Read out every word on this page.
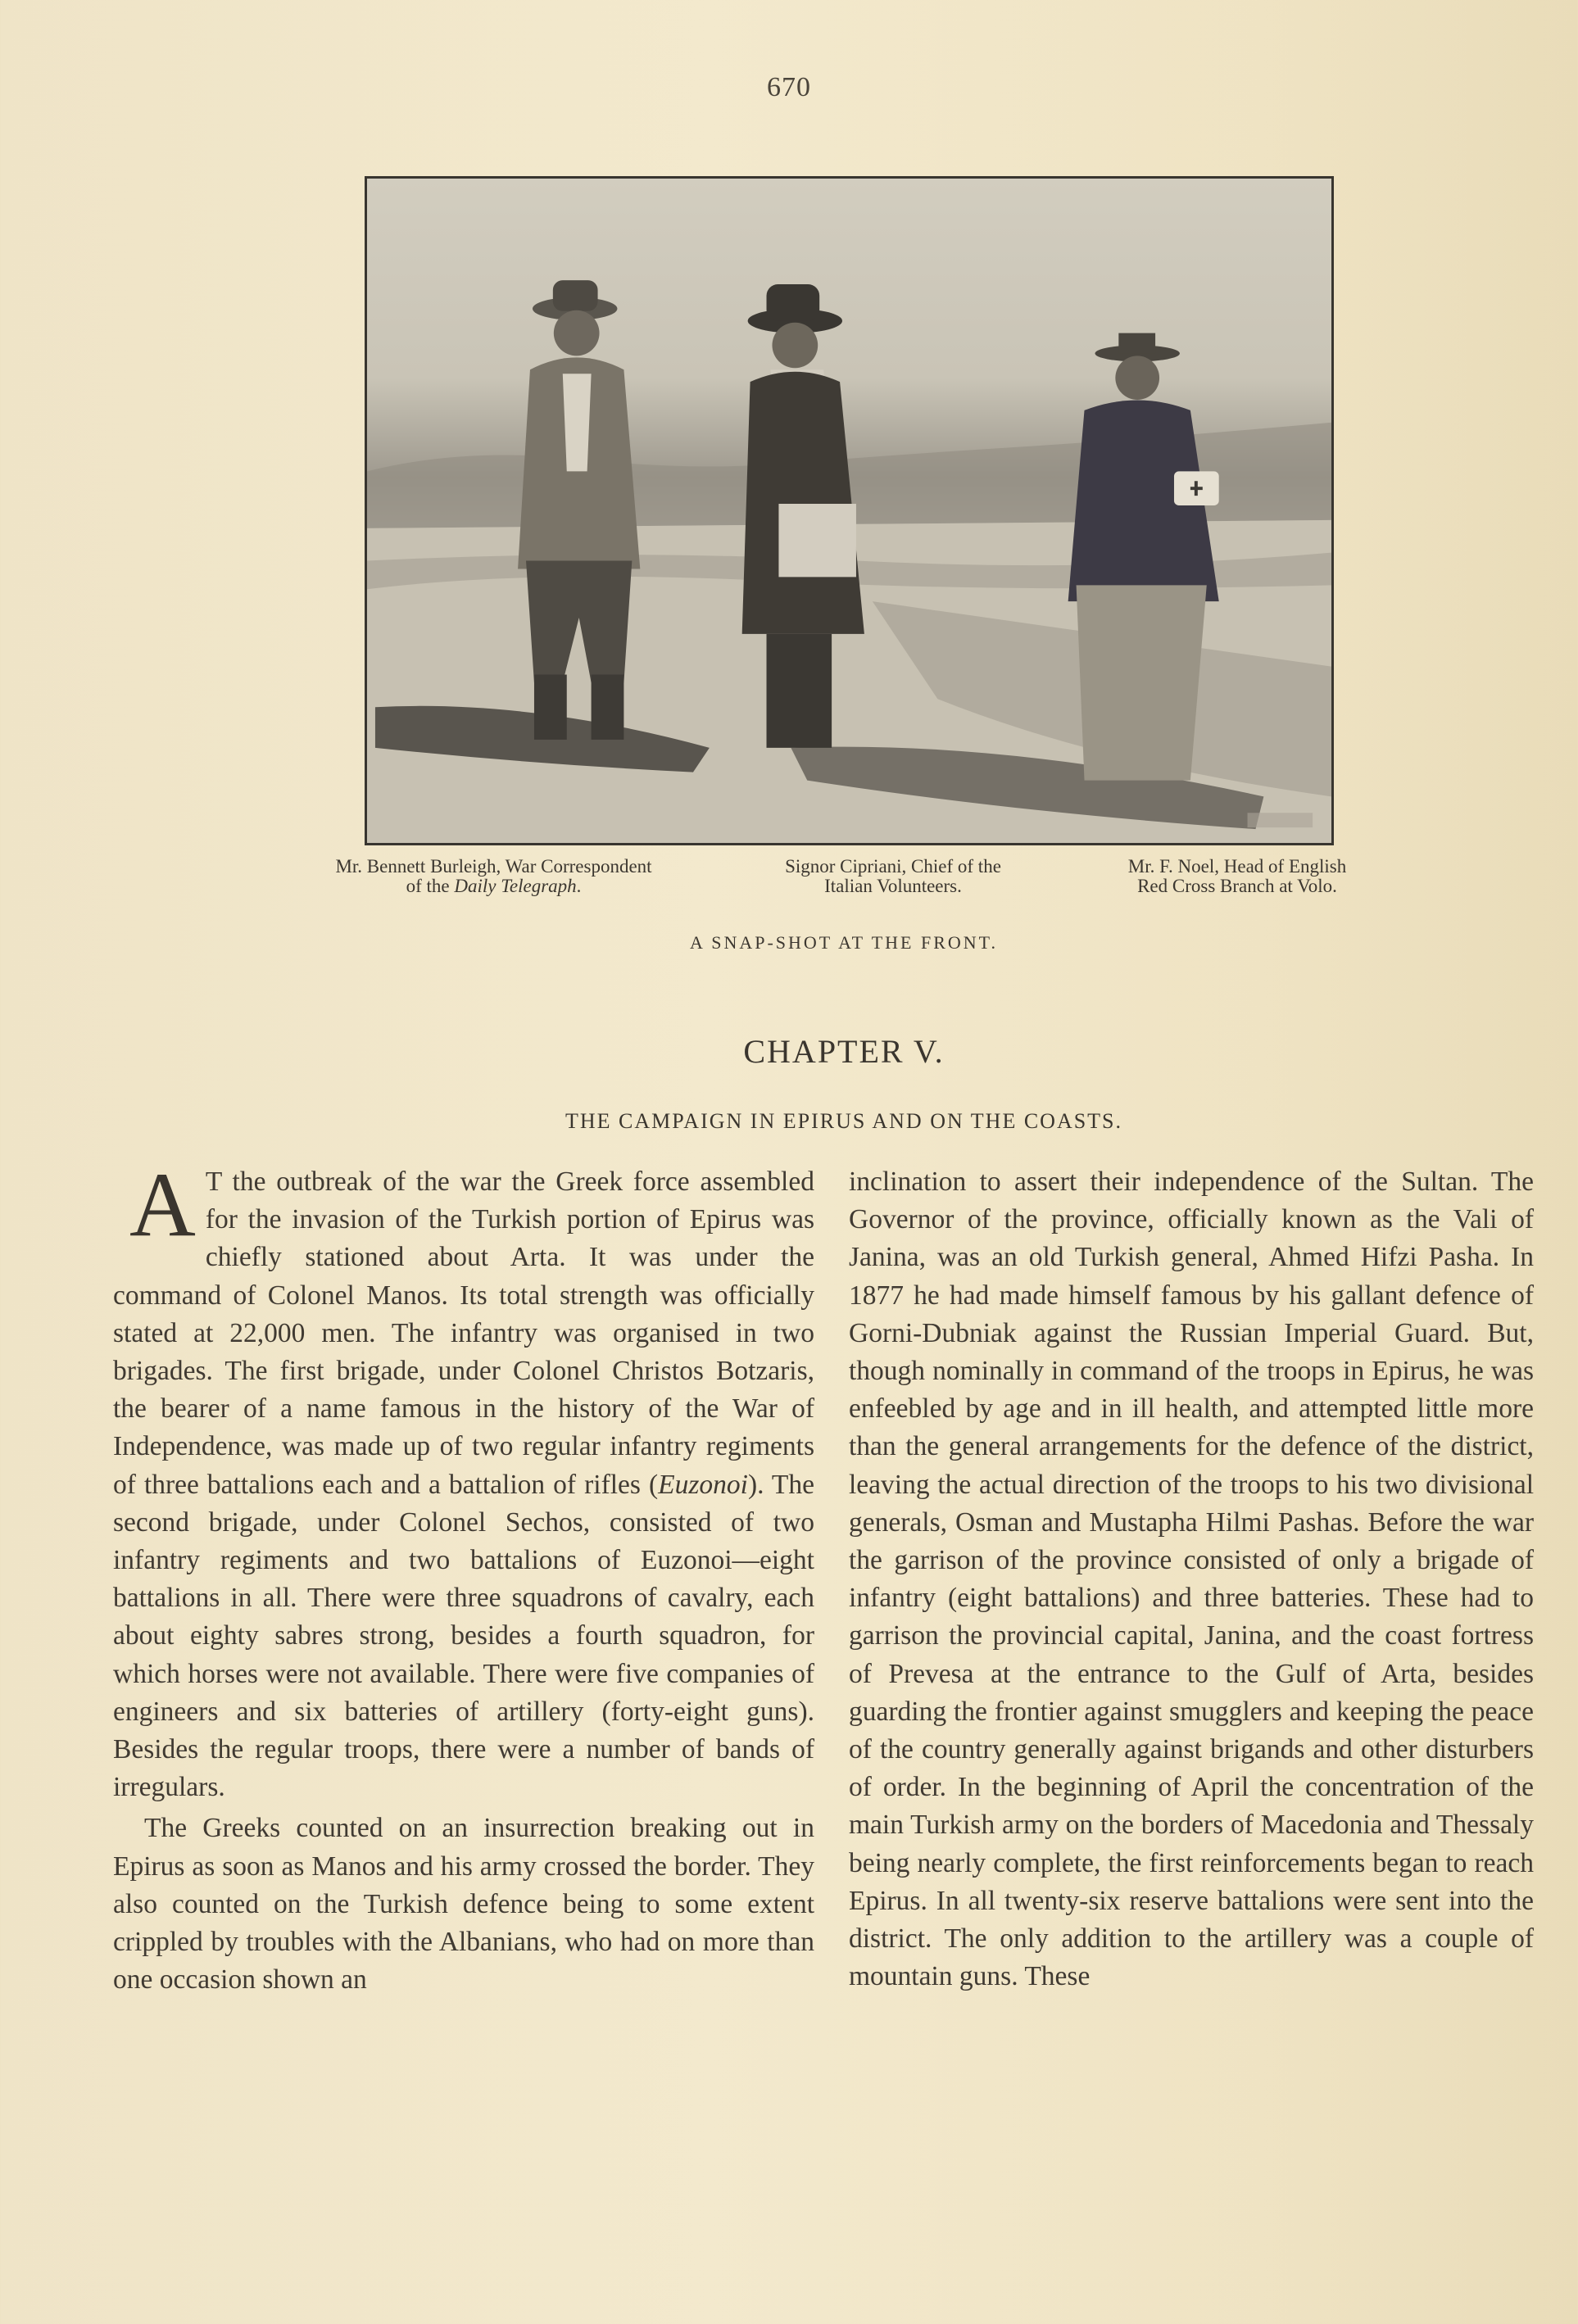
670
Mr. Bennett Burleigh, War Correspondent
of the Daily Telegraph.
Signor Cipriani, Chief of the
Italian Volunteers.
Mr. F. Noel, Head of English
Red Cross Branch at Volo.
A SNAP-SHOT AT THE FRONT.
CHAPTER V.
THE CAMPAIGN IN EPIRUS AND ON THE COASTS.

A T the outbreak of the war the Greek force assembled for the invasion of the Turkish portion of Epirus was chiefly stationed about Arta. It was under the command of Colonel Manos. Its total strength was officially stated at 22,000 men. The infantry was organised in two brigades. The first brigade, under Colonel Christos Botzaris, the bearer of a name famous in the history of the War of Independence, was made up of two regular infantry regiments of three battalions each and a battalion of rifles (Euzonoi). The second brigade, under Colonel Sechos, consisted of two infantry regiments and two battalions of Euzonoi—eight battalions in all. There were three squadrons of cavalry, each about eighty sabres strong, besides a fourth squadron, for which horses were not available. There were five companies of engineers and six batteries of artillery (forty-eight guns). Besides the regular troops, there were a number of bands of irregulars.

The Greeks counted on an insurrection breaking out in Epirus as soon as Manos and his army crossed the border. They also counted on the Turkish defence being to some extent crippled by troubles with the Albanians, who had on more than one occasion shown an

inclination to assert their independence of the Sultan. The Governor of the province, officially known as the Vali of Janina, was an old Turkish general, Ahmed Hifzi Pasha. In 1877 he had made himself famous by his gallant defence of Gorni-Dubniak against the Russian Imperial Guard. But, though nominally in command of the troops in Epirus, he was enfeebled by age and in ill health, and attempted little more than the general arrangements for the defence of the district, leaving the actual direction of the troops to his two divisional generals, Osman and Mustapha Hilmi Pashas. Before the war the garrison of the province consisted of only a brigade of infantry (eight battalions) and three batteries. These had to garrison the provincial capital, Janina, and the coast fortress of Prevesa at the entrance to the Gulf of Arta, besides guarding the frontier against smugglers and keeping the peace of the country generally against brigands and other disturbers of order. In the beginning of April the concentration of the main Turkish army on the borders of Macedonia and Thessaly being nearly complete, the first reinforcements began to reach Epirus. In all twenty-six reserve battalions were sent into the district. The only addition to the artillery was a couple of mountain guns. These
